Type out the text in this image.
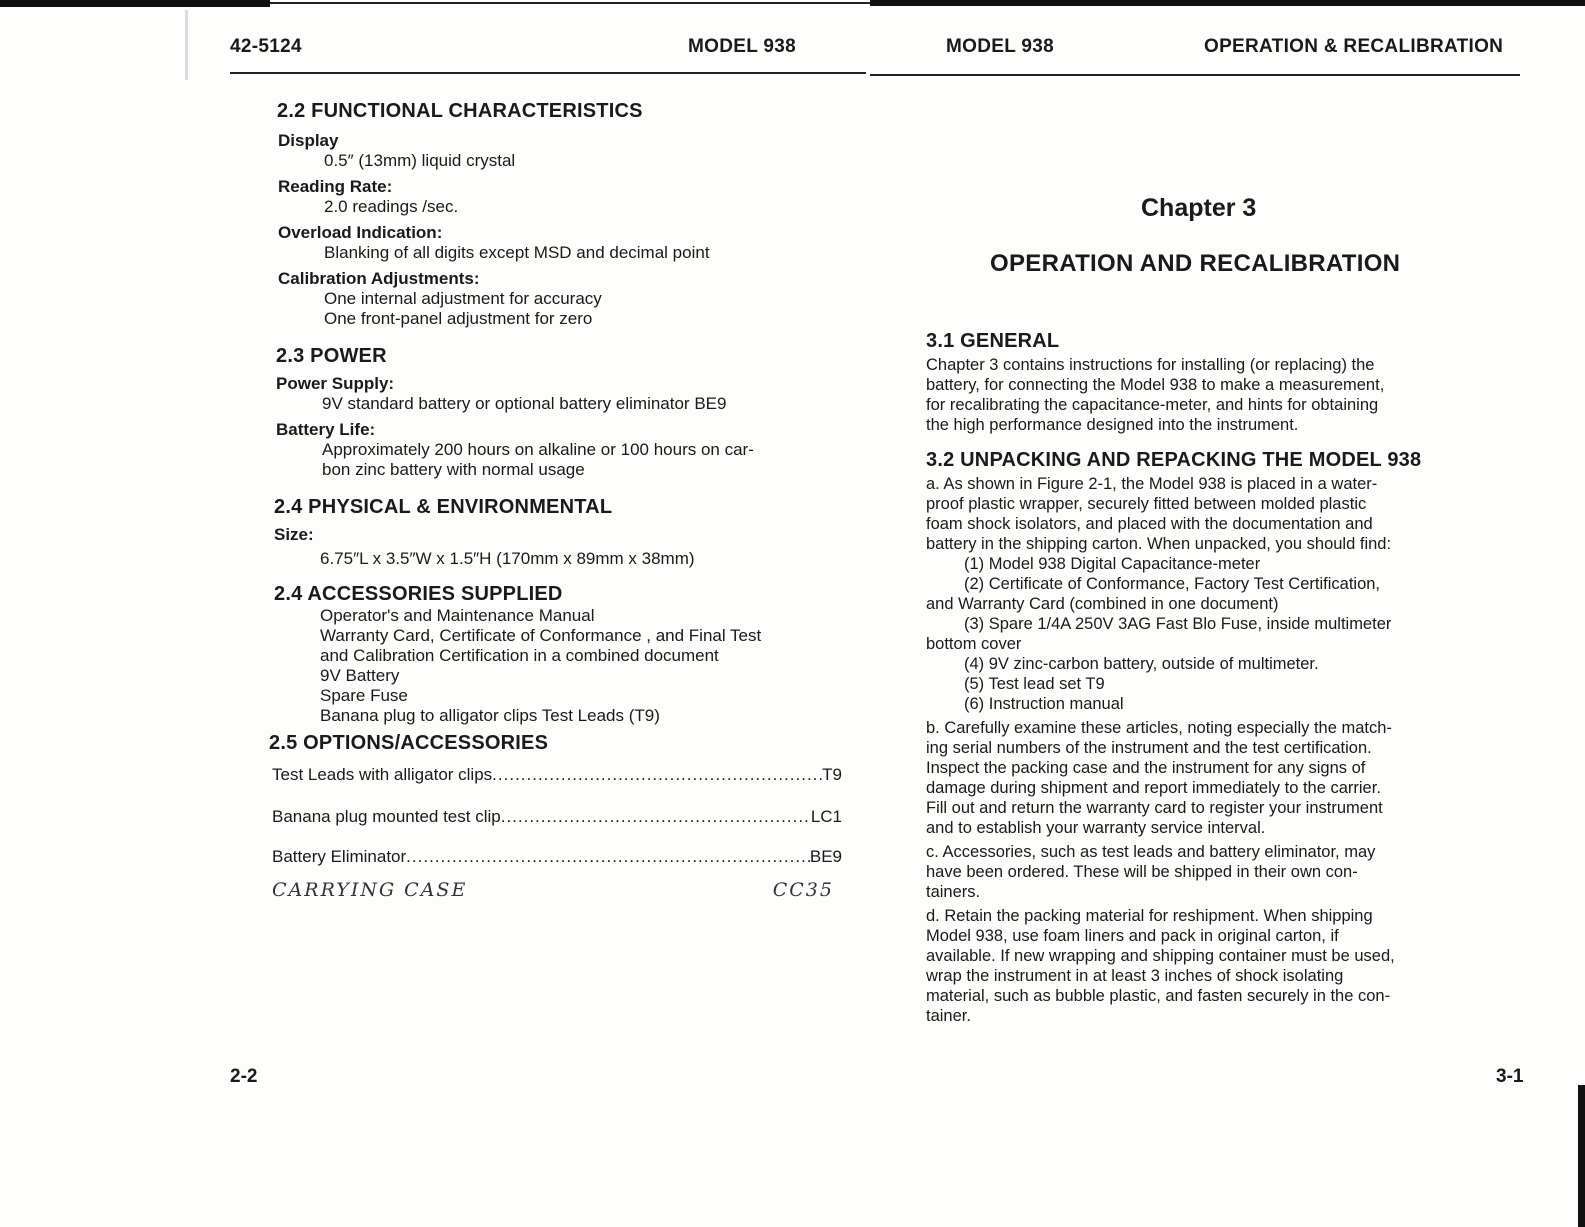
42-5124	MODEL 938	MODEL 938	OPERATION & RECALIBRATION
2.2 FUNCTIONAL CHARACTERISTICS
Display
0.5″ (13mm) liquid crystal
Reading Rate:
2.0 readings /sec.
Overload Indication:
Blanking of all digits except MSD and decimal point
Calibration Adjustments:
One internal adjustment for accuracy
One front-panel adjustment for zero
2.3 POWER
Power Supply:
9V standard battery or optional battery eliminator BE9
Battery Life:
Approximately 200 hours on alkaline or 100 hours on car-
bon zinc battery with normal usage
2.4 PHYSICAL & ENVIRONMENTAL
Size:
6.75″L x 3.5″W x 1.5″H (170mm x 89mm x 38mm)
2.4 ACCESSORIES SUPPLIED
Operator's and Maintenance Manual
Warranty Card, Certificate of Conformance , and Final Test
and Calibration Certification in a combined document
9V Battery
Spare Fuse
Banana plug to alligator clips Test Leads (T9)
2.5 OPTIONS/ACCESSORIES
Test Leads with alligator clips .....	T9
Banana plug mounted test clip .....	LC1
Battery Eliminator .....	BE9
CARRYING CASE	CC35
2-2
Chapter 3
OPERATION AND RECALIBRATION
3.1 GENERAL
Chapter 3 contains instructions for installing (or replacing) the
battery, for connecting the Model 938 to make a measurement,
for recalibrating the capacitance-meter, and hints for obtaining
the high performance designed into the instrument.
3.2 UNPACKING AND REPACKING THE MODEL 938
a. As shown in Figure 2-1, the Model 938 is placed in a water-
proof plastic wrapper, securely fitted between molded plastic
foam shock isolators, and placed with the documentation and
battery in the shipping carton. When unpacked, you should find:
(1) Model 938 Digital Capacitance-meter
(2) Certificate of Conformance, Factory Test Certification,
and Warranty Card (combined in one document)
(3) Spare 1/4A 250V 3AG Fast Blo Fuse, inside multimeter
bottom cover
(4) 9V zinc-carbon battery, outside of multimeter.
(5) Test lead set T9
(6) Instruction manual
b. Carefully examine these articles, noting especially the match-
ing serial numbers of the instrument and the test certification.
Inspect the packing case and the instrument for any signs of
damage during shipment and report immediately to the carrier.
Fill out and return the warranty card to register your instrument
and to establish your warranty service interval.
c. Accessories, such as test leads and battery eliminator, may
have been ordered. These will be shipped in their own con-
tainers.
d. Retain the packing material for reshipment. When shipping
Model 938, use foam liners and pack in original carton, if
available. If new wrapping and shipping container must be used,
wrap the instrument in at least 3 inches of shock isolating
material, such as bubble plastic, and fasten securely in the con-
tainer.
3-1
